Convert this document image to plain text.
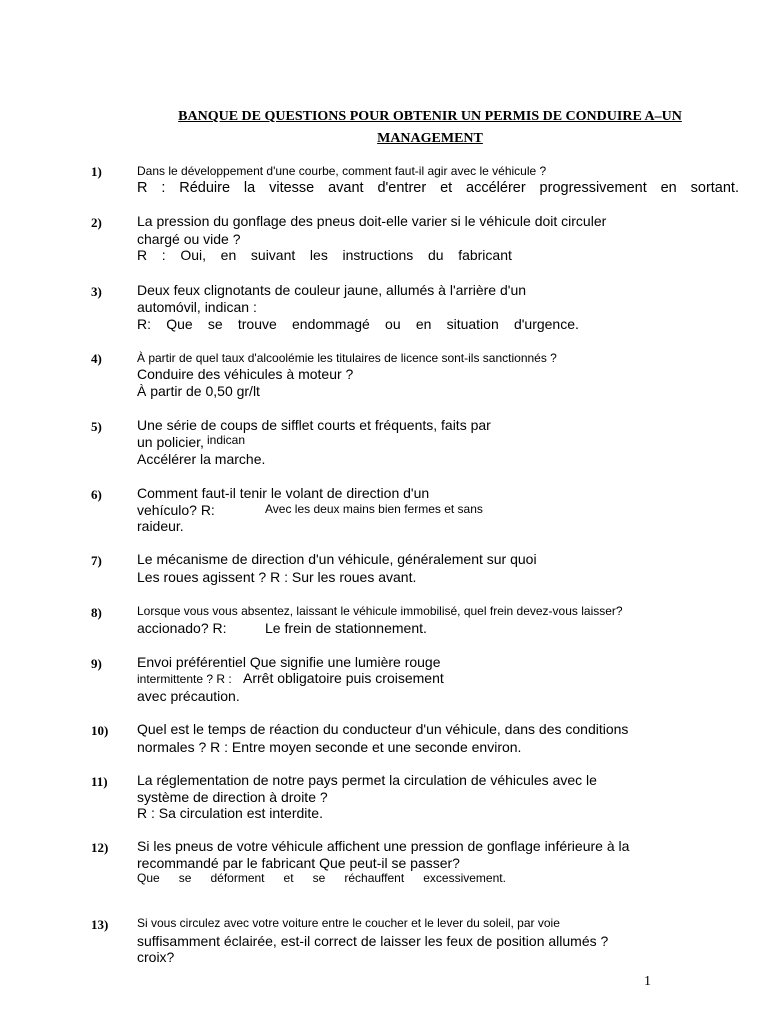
BANQUE DE QUESTIONS POUR OBTENIR UN PERMIS DE CONDUIRE A–UN
MANAGEMENT
1)	Dans le développement d'une courbe, comment faut-il agir avec le véhicule ?
R : Réduire la vitesse avant d'entrer et accélérer progressivement en sortant.
2)	La pression du gonflage des pneus doit-elle varier si le véhicule doit circuler
chargé ou vide ?
R : Oui, en suivant les instructions du fabricant
3)	Deux feux clignotants de couleur jaune, allumés à l'arrière d'un
automóvil, indican :
R: Que se trouve endommagé ou en situation d'urgence.
4)	À partir de quel taux d'alcoolémie les titulaires de licence sont-ils sanctionnés ?
Conduire des véhicules à moteur ?
À partir de 0,50 gr/lt
5)	Une série de coups de sifflet courts et fréquents, faits par
un policier, indican
Accélérer la marche.
6)	Comment faut-il tenir le volant de direction d'un
vehículo? R:	Avec les deux mains bien fermes et sans
raideur.
7)	Le mécanisme de direction d'un véhicule, généralement sur quoi
Les roues agissent ? R : Sur les roues avant.
8)	Lorsque vous vous absentez, laissant le véhicule immobilisé, quel frein devez-vous laisser?
accionado? R:	Le frein de stationnement.
9)	Envoi préférentiel Que signifie une lumière rouge
intermittente ? R : Arrêt obligatoire puis croisement
avec précaution.
10)	Quel est le temps de réaction du conducteur d'un véhicule, dans des conditions
normales ? R : Entre moyen seconde et une seconde environ.
11)	La réglementation de notre pays permet la circulation de véhicules avec le
système de direction à droite ?
R : Sa circulation est interdite.
12)	Si les pneus de votre véhicule affichent une pression de gonflage inférieure à la
recommandé par le fabricant Que peut-il se passer?
Que se déforment et se réchauffent excessivement.
13)	Si vous circulez avec votre voiture entre le coucher et le lever du soleil, par voie
suffisamment éclairée, est-il correct de laisser les feux de position allumés ?
croix?
1
